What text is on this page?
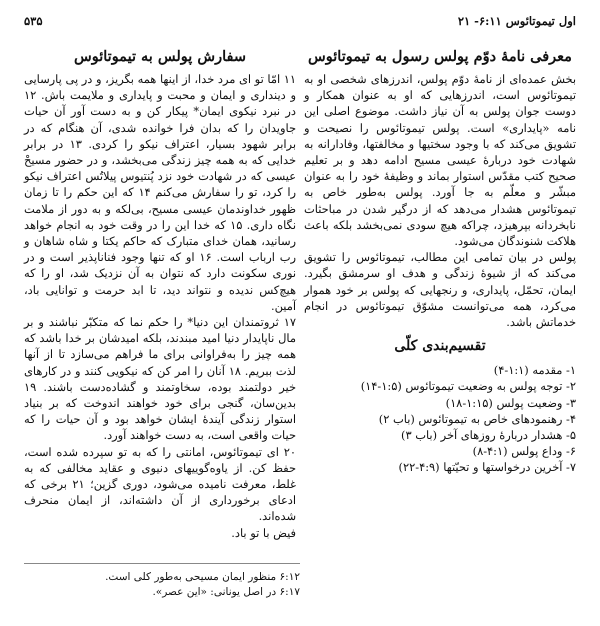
اول تیموتائوس ۶:۱۱- ۲۱
۵۳۵
معرفی نامهٔ دوّم پولس رسول به تیموتائوس

بخش عمده‌ای از نامهٔ دوّم پولس، اندرزهای شخصی او به تیموتائوس است، اندرزهایی که او به عنوان همکار و دوست جوان پولس به آن نیاز داشت. موضوع اصلی این نامه «پایداری» است. پولس تیموتائوس را نصیحت و تشویق می‌کند که با وجود سختیها و مخالفتها، وفادارانه به شهادت خود دربارهٔ عیسی مسیح ادامه دهد و بر تعلیم صحیح کتب مقدّس استوار بماند و وظیفهٔ خود را به عنوان مبشّر و معلّم به جا آورد. پولس به‌طور خاص به تیموتائوس هشدار می‌دهد که از درگیر شدن در مباحثات نابخردانه بپرهیزد، چراکه هیچ سودی نمی‌بخشد بلکه باعث هلاکت شنوندگان می‌شود.

پولس در بیان تمامی این مطالب، تیموتائوس را تشویق می‌کند که از شیوهٔ زندگی و هدف او سرمشق بگیرد. ایمان، تحمّل، پایداری، و رنجهایی که پولس بر خود هموار می‌کرد، همه می‌توانست مشوّق تیموتائوس در انجام خدماتش باشد.

تقسیم‌بندی کلّی
۱- مقدمه (۱:۱-۴)
۲- توجه پولس به وضعیت تیموتائوس (۱:۵-۱۴)
۳- وضعیت پولس (۱:۱۵-۱۸)
۴- رهنمودهای خاص به تیموتائوس (باب ۲)
۵- هشدار دربارهٔ روزهای آخر (باب ۳)
۶- وداع پولس (۴:۱-۸)
۷- آخرین درخواستها و تحیّتها (۴:۹-۲۲)
سفارش پولس به تیموتائوس

۱۱ امّا تو ای مرد خدا، از اینها همه بگریز، و در پی پارسایی و دینداری و ایمان و محبت و پایداری و ملایمت باش. ۱۲ در نبرد نیکوی ایمان* پیکار کن و به دست آور آن حیات جاویدان را که بدان فرا خوانده شدی، آن هنگام که در برابر شهود بسیار، اعتراف نیکو را کردی. ۱۳ در برابر خدایی که به همه چیز زندگی می‌بخشد، و در حضور مسیحْ عیسی که در شهادت خود نزد پُنتیوس پیلاتُس اعتراف نیکو را کرد، تو را سفارش می‌کنم ۱۴ که این حکم را تا زمان ظهور خداوندمان عیسی مسیح، بی‌لکه و به دور از ملامت نگاه داری. ۱۵ که خدا این را در وقت خود به انجام خواهد رسانید، همان خدای متبارک که حاکم یکتا و شاه شاهان و رب ارباب است. ۱۶ او که تنها وجود فناناپذیر است و در نوری سکونت دارد که نتوان به آن نزدیک شد، او را که هیچ‌کس ندیده و نتواند دید، تا ابد حرمت و توانایی باد، آمین.

۱۷ ثروتمندان این دنیا* را حکم نما که متکبّر نباشند و بر مال ناپایدار دنیا امید مبندند، بلکه امیدشان بر خدا باشد که همه چیز را به‌فراوانی برای ما فراهم می‌سازد تا از آنها لذت ببریم. ۱۸ آنان را امر کن که نیکویی کنند و در کارهای خیر دولتمند بوده، سخاوتمند و گشاده‌دست باشند. ۱۹ بدین‌سان، گنجی برای خود خواهند اندوخت که بر بنیاد استوار زندگی آیندهٔ ایشان خواهد بود و آن حیات را که حیات واقعی است، به دست خواهند آورد.

۲۰ ای تیموتائوس، امانتی را که به تو سپرده شده است، حفظ کن. از یاوه‌گوییهای دنیوی و عقاید مخالفی که به غلط، معرفت نامیده می‌شود، دوری گزین؛ ۲۱ برخی که ادعای برخورداری از آن داشته‌اند، از ایمان منحرف شده‌اند.

فیض با تو باد.

۶:۱۲ منظور ایمان مسیحی به‌طور کلی است.

۶:۱۷ در اصل یونانی: «این عصر».
